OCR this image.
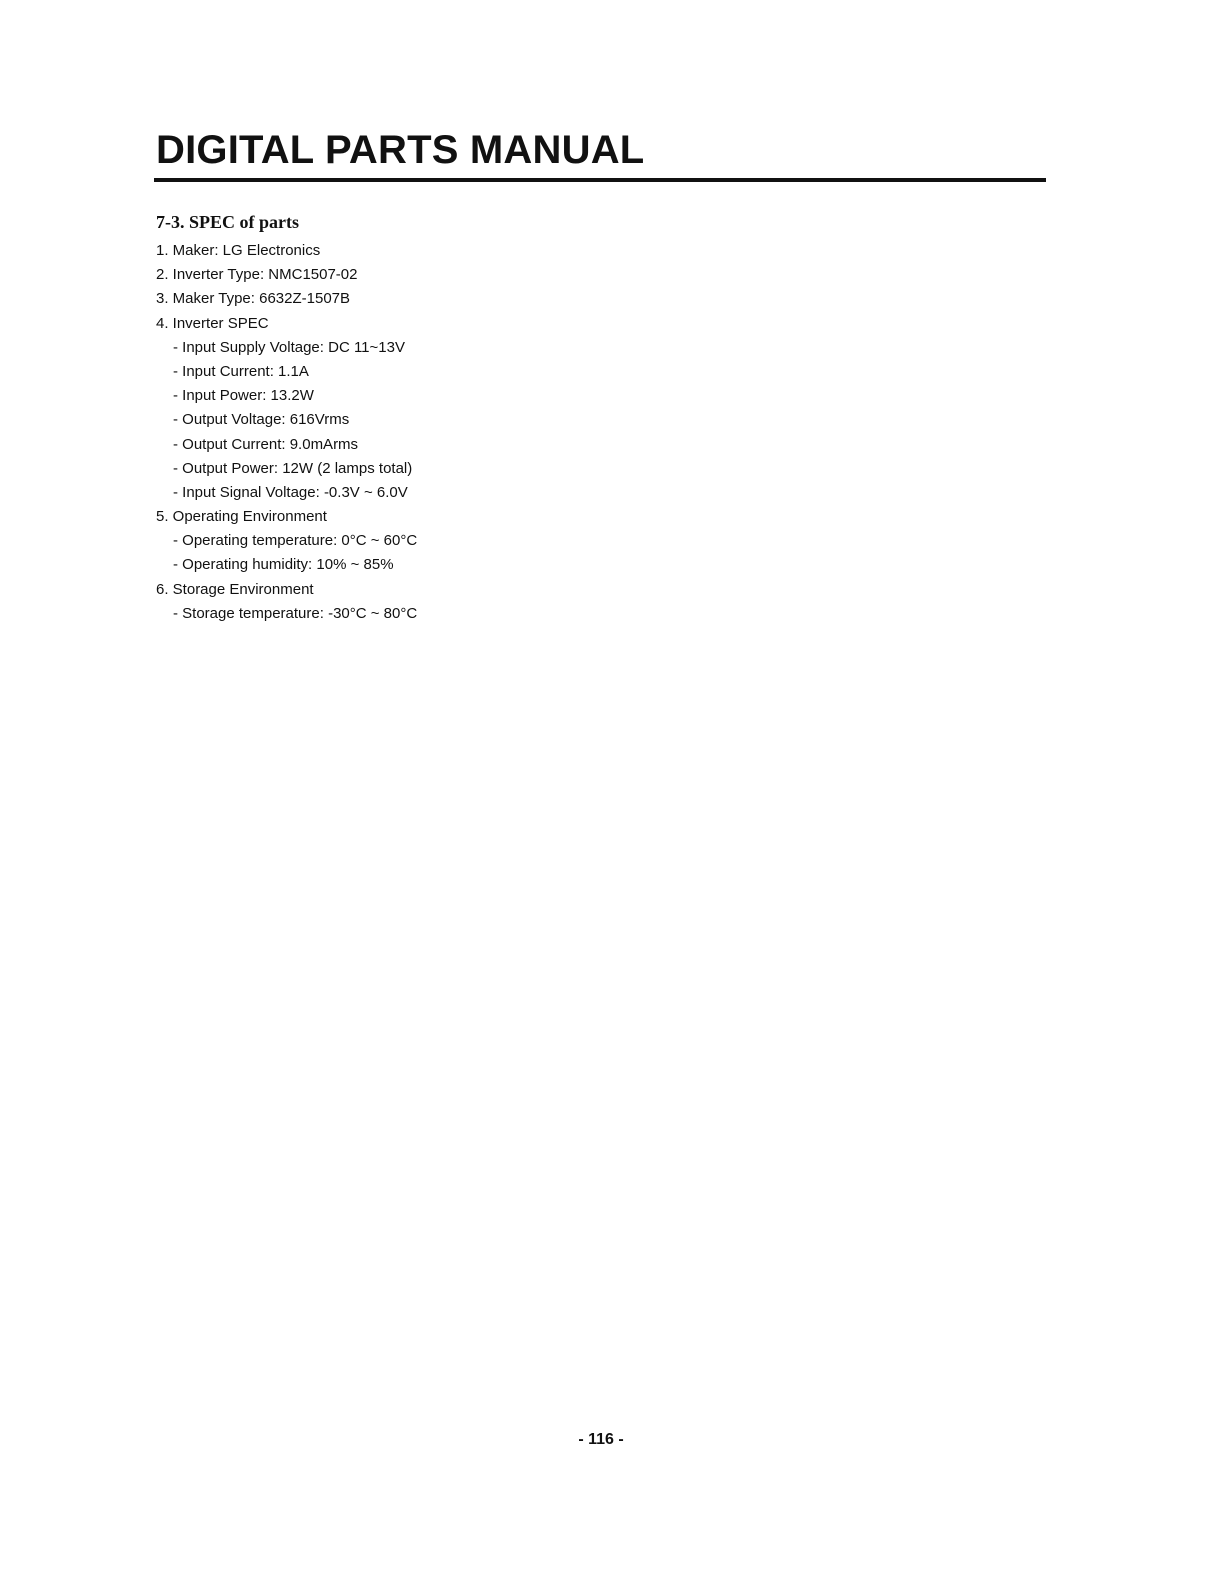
DIGITAL PARTS MANUAL
7-3. SPEC of parts
1. Maker: LG Electronics
2. Inverter Type: NMC1507-02
3. Maker Type: 6632Z-1507B
4. Inverter SPEC
- Input Supply Voltage: DC 11~13V
- Input Current: 1.1A
- Input Power: 13.2W
- Output Voltage: 616Vrms
- Output Current: 9.0mArms
- Output Power: 12W (2 lamps total)
- Input Signal Voltage: -0.3V ~ 6.0V
5. Operating Environment
- Operating temperature: 0°C ~ 60°C
- Operating humidity: 10% ~ 85%
6. Storage Environment
- Storage temperature: -30°C ~ 80°C
- 116 -
